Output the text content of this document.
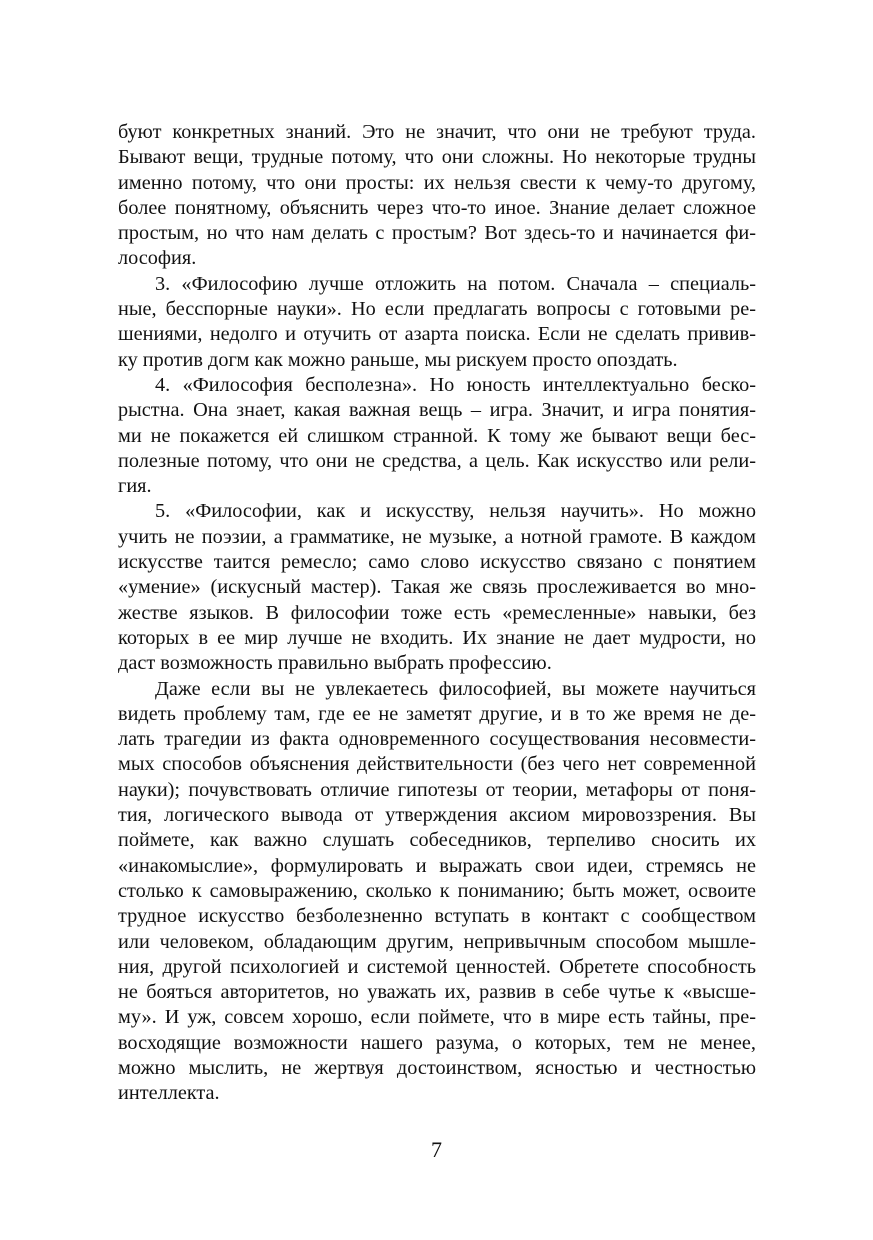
буют конкретных знаний. Это не значит, что они не требуют труда.
Бывают вещи, трудные потому, что они сложны. Но некоторые трудны
именно потому, что они просты: их нельзя свести к чему-то другому,
более понятному, объяснить через что-то иное. Знание делает сложное
простым, но что нам делать с простым? Вот здесь-то и начинается фи-
лософия.

3. «Философию лучше отложить на потом. Сначала – специаль-
ные, бесспорные науки». Но если предлагать вопросы с готовыми ре-
шениями, недолго и отучить от азарта поиска. Если не сделать привив-
ку против догм как можно раньше, мы рискуем просто опоздать.

4. «Философия бесполезна». Но юность интеллектуально беско-
рыстна. Она знает, какая важная вещь – игра. Значит, и игра понятия-
ми не покажется ей слишком странной. К тому же бывают вещи бес-
полезные потому, что они не средства, а цель. Как искусство или рели-
гия.

5. «Философии, как и искусству, нельзя научить». Но можно
учить не поэзии, а грамматике, не музыке, а нотной грамоте. В каждом
искусстве таится ремесло; само слово искусство связано с понятием
«умение» (искусный мастер). Такая же связь прослеживается во мно-
жестве языков. В философии тоже есть «ремесленные» навыки, без
которых в ее мир лучше не входить. Их знание не дает мудрости, но
даст возможность правильно выбрать профессию.

Даже если вы не увлекаетесь философией, вы можете научиться
видеть проблему там, где ее не заметят другие, и в то же время не де-
лать трагедии из факта одновременного сосуществования несовмести-
мых способов объяснения действительности (без чего нет современной
науки); почувствовать отличие гипотезы от теории, метафоры от поня-
тия, логического вывода от утверждения аксиом мировоззрения. Вы
поймете, как важно слушать собеседников, терпеливо сносить их
«инакомыслие», формулировать и выражать свои идеи, стремясь не
столько к самовыражению, сколько к пониманию; быть может, освоите
трудное искусство безболезненно вступать в контакт с сообществом
или человеком, обладающим другим, непривычным способом мышле-
ния, другой психологией и системой ценностей. Обретете способность
не бояться авторитетов, но уважать их, развив в себе чутье к «высше-
му». И уж, совсем хорошо, если поймете, что в мире есть тайны, пре-
восходящие возможности нашего разума, о которых, тем не менее,
можно мыслить, не жертвуя достоинством, ясностью и честностью
интеллекта.

7
